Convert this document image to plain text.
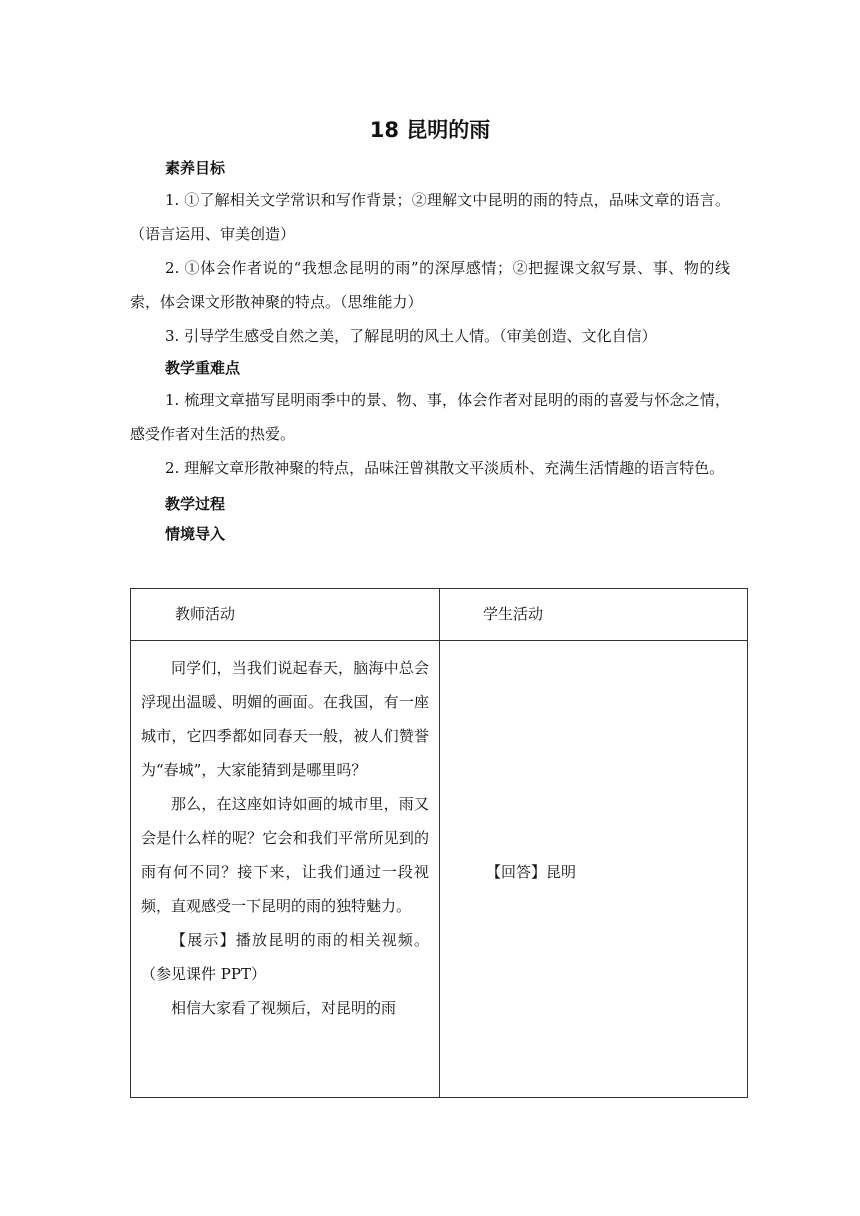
18 昆明的雨
素养目标
1. ①了解相关文学常识和写作背景；②理解文中昆明的雨的特点，品味文章的语言。（语言运用、审美创造）
2. ①体会作者说的“我想念昆明的雨”的深厚感情；②把握课文叙写景、事、物的线索，体会课文形散神聚的特点。（思维能力）
3. 引导学生感受自然之美，了解昆明的风土人情。（审美创造、文化自信）
教学重难点
1. 梳理文章描写昆明雨季中的景、物、事，体会作者对昆明的雨的喜爱与怀念之情，感受作者对生活的热爱。
2. 理解文章形散神聚的特点，品味汪曾祺散文平淡质朴、充满生活情趣的语言特色。
教学过程
情境导入
教师活动	学生活动

同学们，当我们说起春天，脑海中总会浮现出温暖、明媚的画面。在我国，有一座城市，它四季都如同春天一般，被人们赞誉为“春城”，大家能猜到是哪里吗？

那么，在这座如诗如画的城市里，雨又会是什么样的呢？它会和我们平常所见到的雨有何不同？接下来，让我们通过一段视频，直观感受一下昆明的雨的独特魅力。

【展示】播放昆明的雨的相关视频。（参见课件 PPT）

相信大家看了视频后，对昆明的雨	【回答】昆明
